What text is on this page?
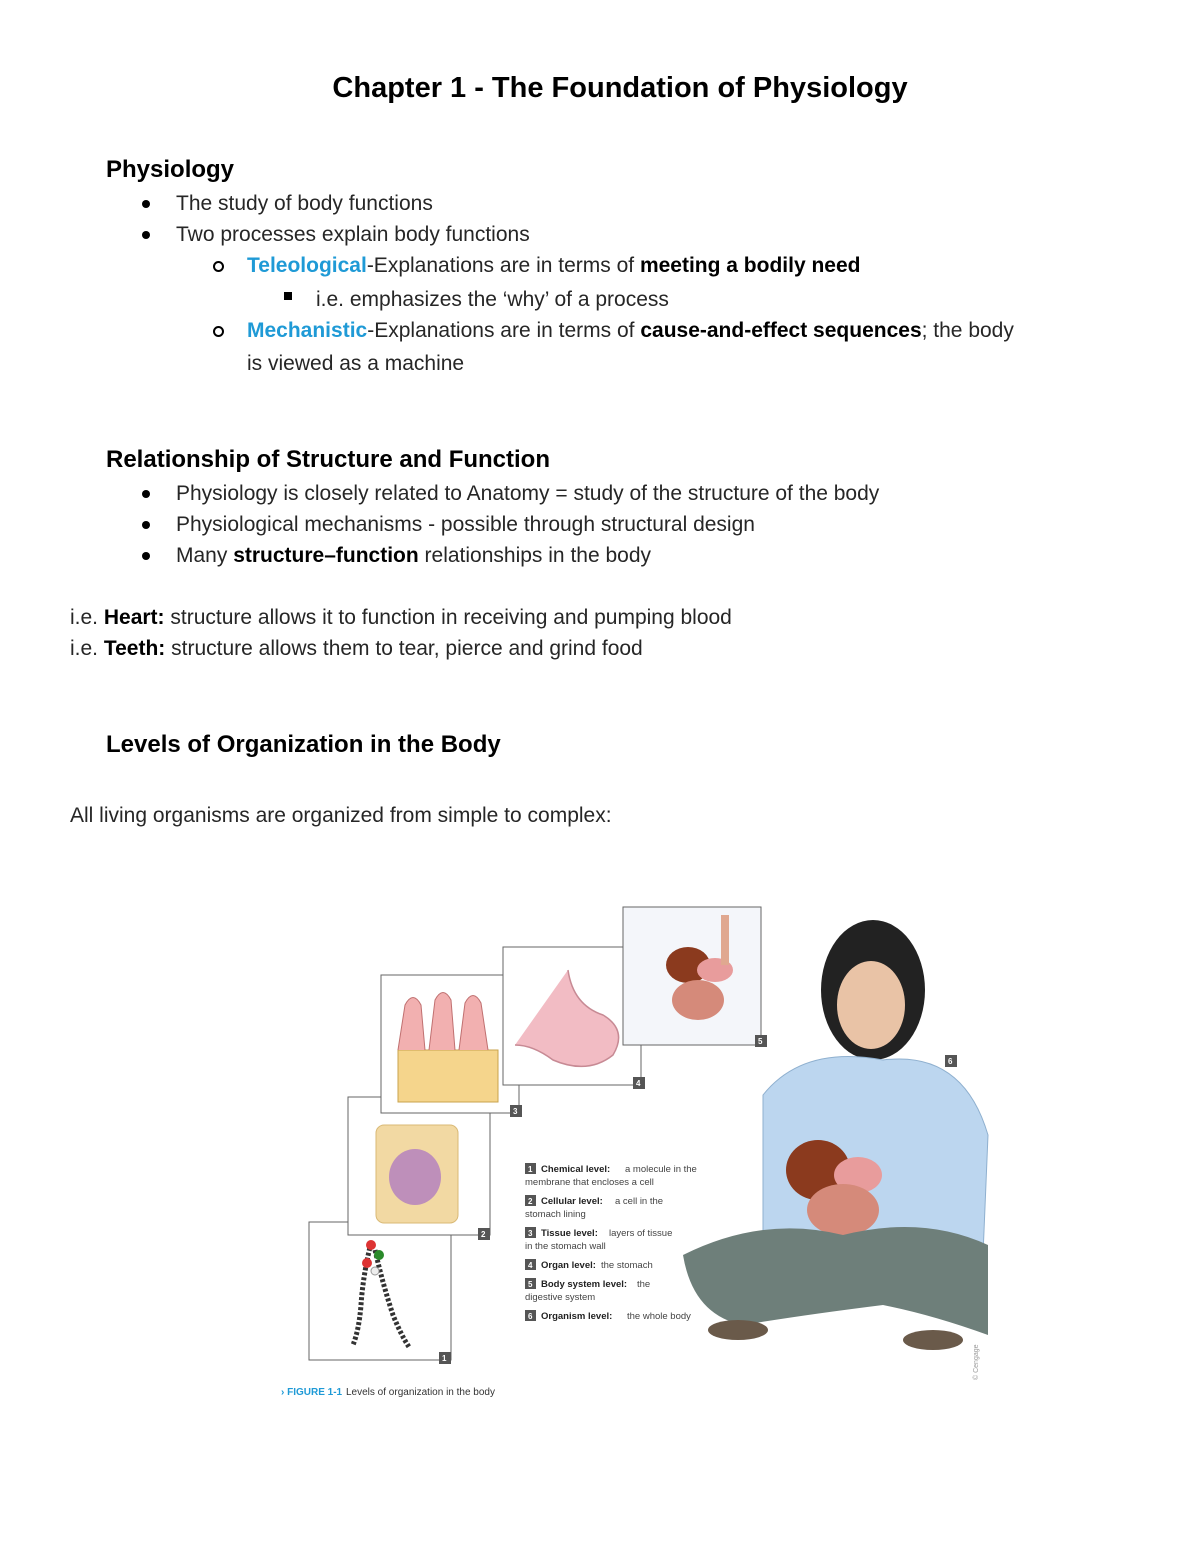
Chapter 1 - The Foundation of Physiology
Physiology
The study of body functions
Two processes explain body functions
Teleological-Explanations are in terms of meeting a bodily need
i.e. emphasizes the ‘why’ of a process
Mechanistic-Explanations are in terms of cause-and-effect sequences; the body
is viewed as a machine
Relationship of Structure and Function
Physiology is closely related to Anatomy = study of the structure of the body
Physiological mechanisms - possible through structural design
Many structure–function relationships in the body
i.e. Heart: structure allows it to function in receiving and pumping blood
i.e. Teeth: structure allows them to tear, pierce and grind food
Levels of Organization in the Body
All living organisms are organized from simple to complex:
1
2
3
4
5
6
1 Chemical level: a molecule in the
membrane that encloses a cell
2 Cellular level: a cell in the
stomach lining
3 Tissue level: layers of tissue
in the stomach wall
4 Organ level: the stomach
5 Body system level: the
digestive system
6 Organism level: the whole body
› FIGURE 1-1 Levels of organization in the body
© Cengage
